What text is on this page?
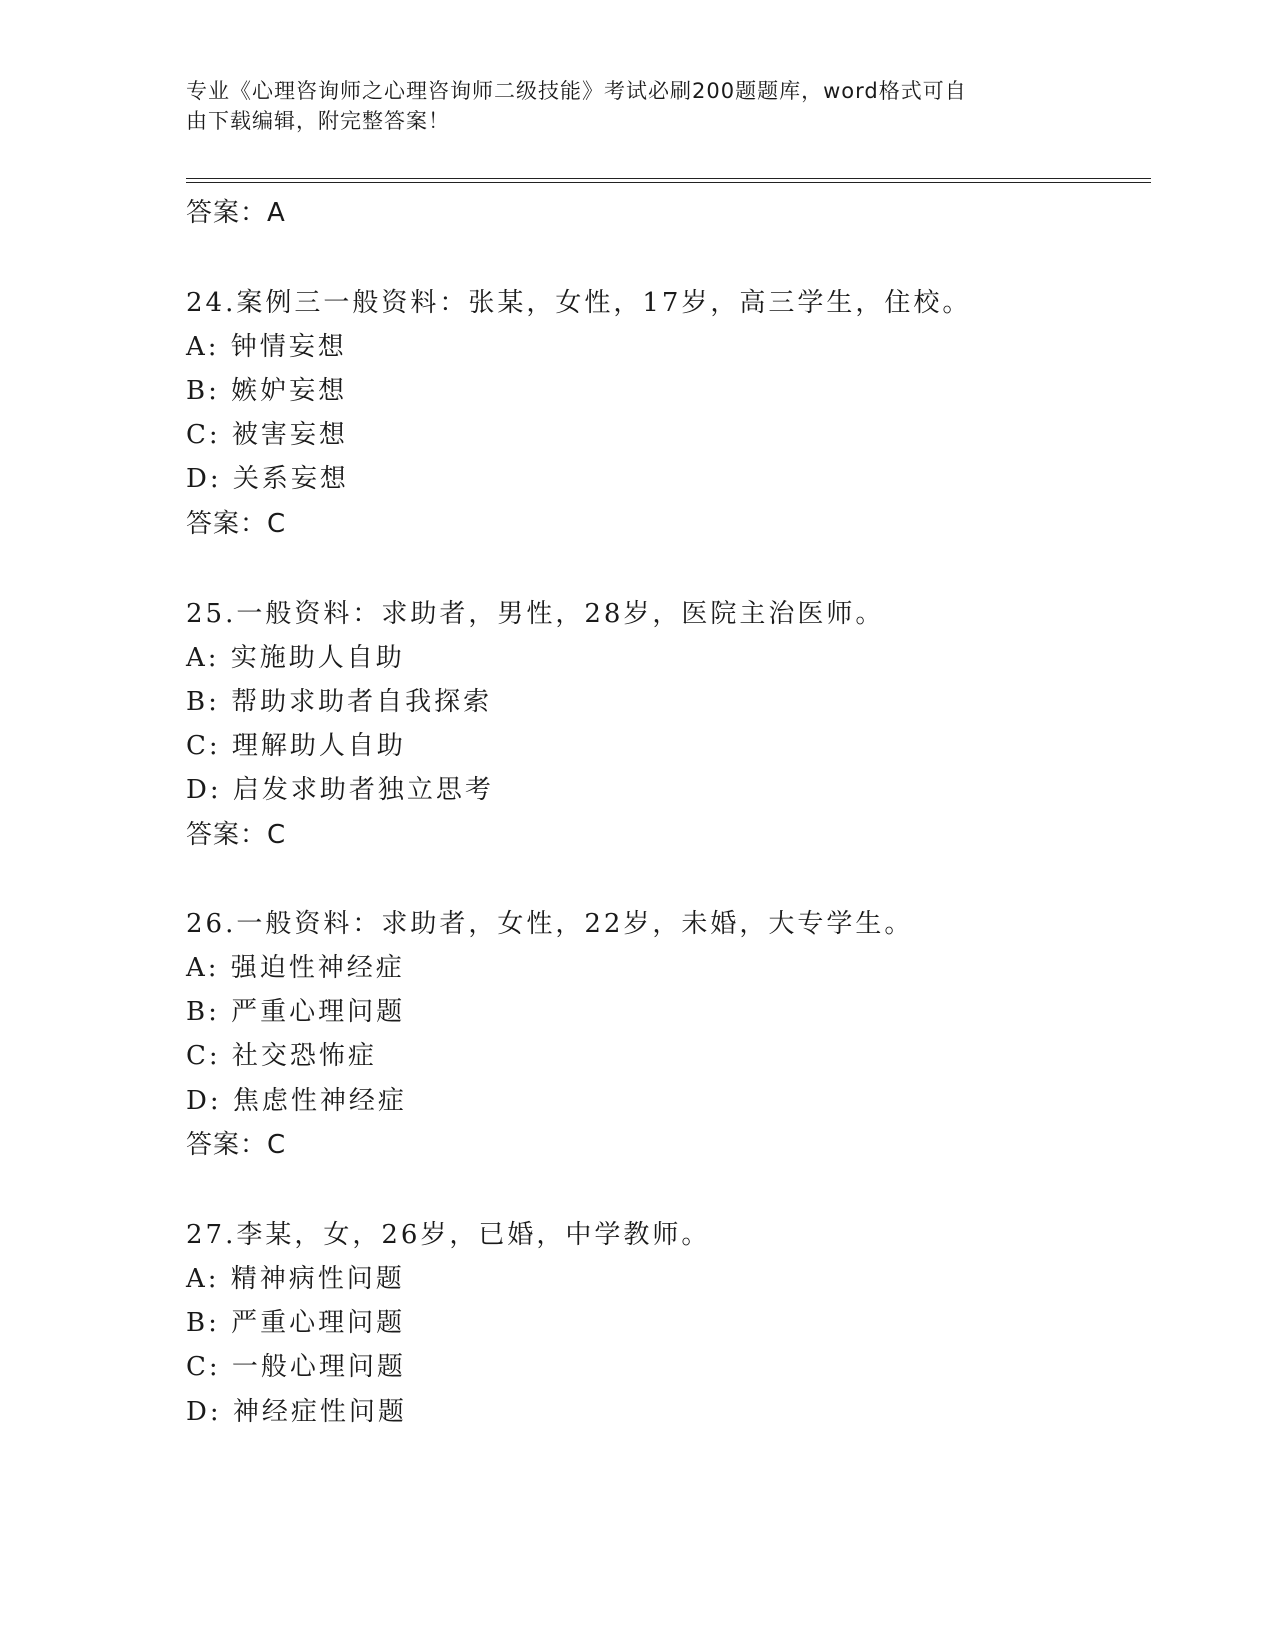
专业《心理咨询师之心理咨询师二级技能》考试必刷200题题库，word格式可自
由下载编辑，附完整答案！
答案：A
24.案例三一般资料：张某，女性，17岁，高三学生，住校。
A: 钟情妄想
B: 嫉妒妄想
C: 被害妄想
D: 关系妄想
答案：C
25.一般资料：求助者，男性，28岁，医院主治医师。
A: 实施助人自助
B: 帮助求助者自我探索
C: 理解助人自助
D: 启发求助者独立思考
答案：C
26.一般资料：求助者，女性，22岁，未婚，大专学生。
A: 强迫性神经症
B: 严重心理问题
C: 社交恐怖症
D: 焦虑性神经症
答案：C
27.李某，女，26岁，已婚，中学教师。
A: 精神病性问题
B: 严重心理问题
C: 一般心理问题
D: 神经症性问题
